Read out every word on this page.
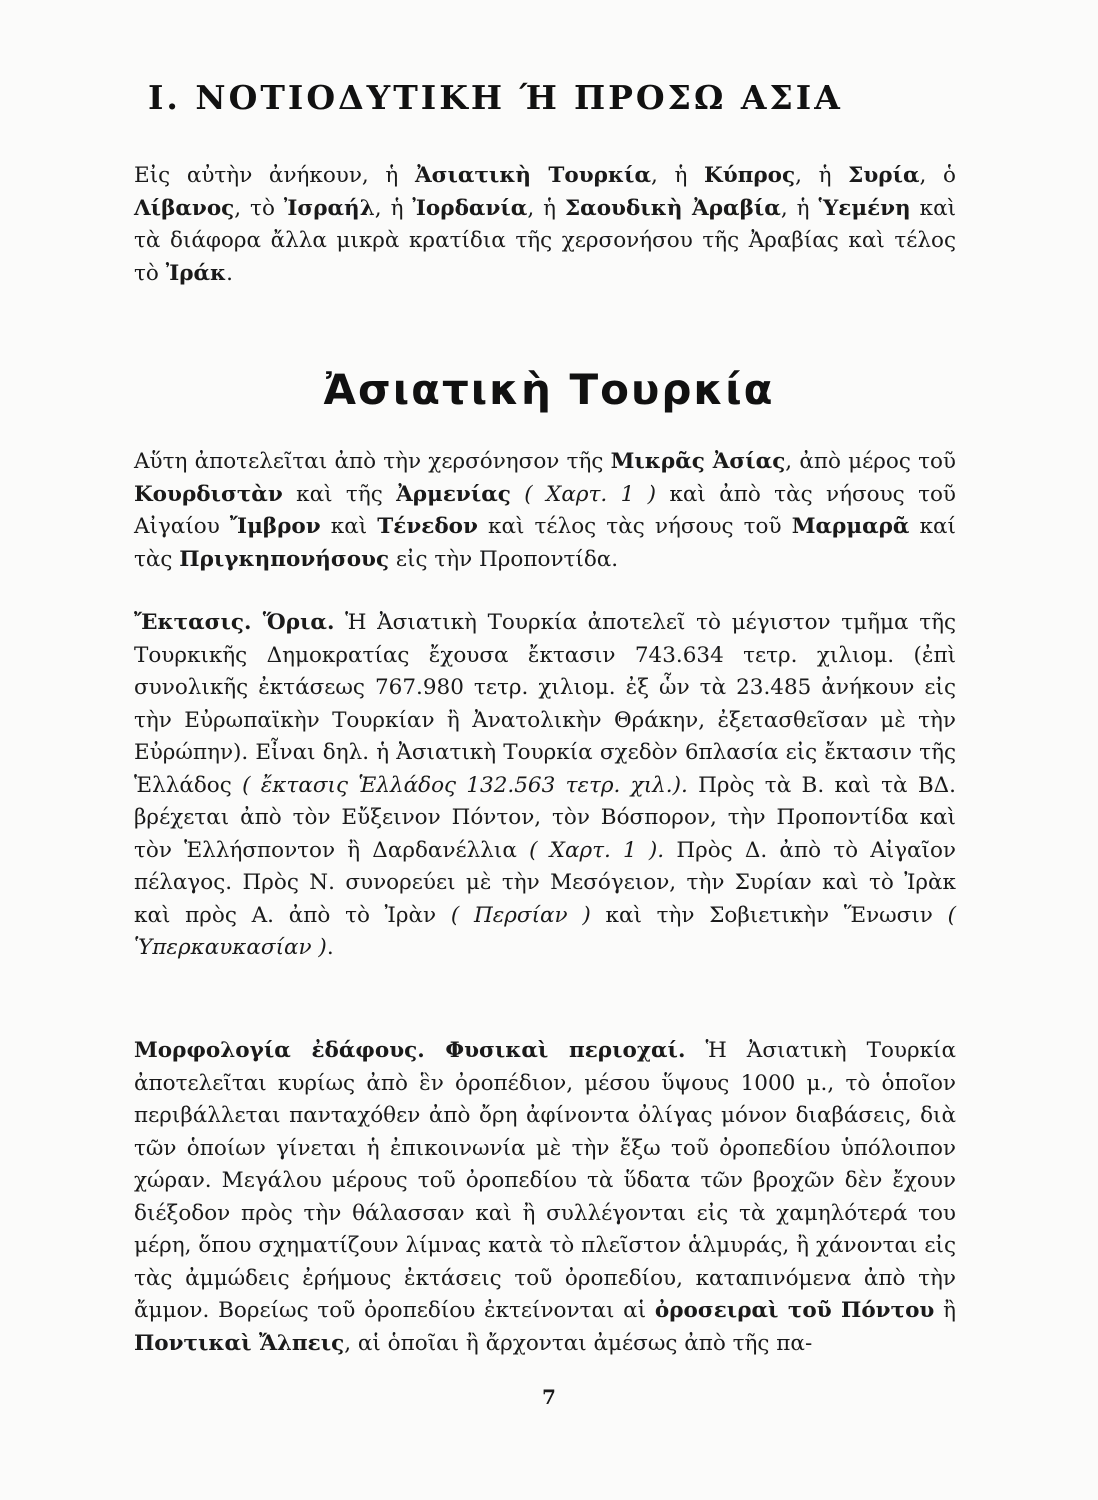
I. ΝΟΤΙΟΔΥΤΙΚΗ Ή ΠΡΟΣΩ ΑΣΙΑ

Εἰς αὐτὴν ἀνήκουν, ἡ Ἀσιατικὴ Τουρκία, ἡ Κύπρος, ἡ Συρία, ὁ Λίβανος, τὸ Ἰσραήλ, ἡ Ἰορδανία, ἡ Σαουδικὴ Ἀραβία, ἡ Ὑεμένη καὶ τὰ διάφορα ἄλλα μικρὰ κρατίδια τῆς χερσονήσου τῆς Ἀραβίας καὶ τέλος τὸ Ἰράκ.

Ἀσιατικὴ Τουρκία

Αὕτη ἀποτελεῖται ἀπὸ τὴν χερσόνησον τῆς Μικρᾶς Ἀσίας, ἀπὸ μέρος τοῦ Κουρδιστὰν καὶ τῆς Ἀρμενίας ( Χαρτ. 1 ) καὶ ἀπὸ τὰς νήσους τοῦ Αἰγαίου Ἴμβρον καὶ Τένεδον καὶ τέλος τὰς νήσους τοῦ Μαρμαρᾶ καί τὰς Πριγκηπονήσους εἰς τὴν Προποντίδα.

Ἔκτασις. Ὅρια. Ἡ Ἀσιατικὴ Τουρκία ἀποτελεῖ τὸ μέγιστον τμῆμα τῆς Τουρκικῆς Δημοκρατίας ἔχουσα ἔκτασιν 743.634 τετρ. χιλιομ. (ἐπὶ συνολικῆς ἐκτάσεως 767.980 τετρ. χιλιομ. ἐξ ὧν τὰ 23.485 ἀνήκουν εἰς τὴν Εὐρωπαϊκὴν Τουρκίαν ἢ Ἀνατολικὴν Θράκην, ἐξετασθεῖσαν μὲ τὴν Εὐρώπην). Εἶναι δηλ. ἡ Ἀσιατικὴ Τουρκία σχεδὸν 6πλασία εἰς ἔκτασιν τῆς Ἑλλάδος ( ἔκτασις Ἑλλάδος 132.563 τετρ. χιλ.). Πρὸς τὰ Β. καὶ τὰ ΒΔ. βρέχεται ἀπὸ τὸν Εὔξεινον Πόντον, τὸν Βόσπορον, τὴν Προποντίδα καὶ τὸν Ἑλλήσποντον ἢ Δαρδανέλλια ( Χαρτ. 1 ). Πρὸς Δ. ἀπὸ τὸ Αἰγαῖον πέλαγος. Πρὸς Ν. συνορεύει μὲ τὴν Μεσόγειον, τὴν Συρίαν καὶ τὸ Ἰρὰκ καὶ πρὸς Α. ἀπὸ τὸ Ἰρὰν ( Περσίαν ) καὶ τὴν Σοβιετικὴν Ἕνωσιν ( Ὑπερκαυκασίαν ).

Μορφολογία ἐδάφους. Φυσικαὶ περιοχαί. Ἡ Ἀσιατικὴ Τουρκία ἀποτελεῖται κυρίως ἀπὸ ἓν ὀροπέδιον, μέσου ὕψους 1000 μ., τὸ ὁποῖον περιβάλλεται πανταχόθεν ἀπὸ ὄρη ἀφίνοντα ὀλίγας μόνον διαβάσεις, διὰ τῶν ὁποίων γίνεται ἡ ἐπικοινωνία μὲ τὴν ἔξω τοῦ ὀροπεδίου ὑπόλοιπον χώραν. Μεγάλου μέρους τοῦ ὀροπεδίου τὰ ὕδατα τῶν βροχῶν δὲν ἔχουν διέξοδον πρὸς τὴν θάλασσαν καὶ ἢ συλλέγονται εἰς τὰ χαμηλότερά του μέρη, ὅπου σχηματίζουν λίμνας κατὰ τὸ πλεῖστον ἁλμυράς, ἢ χάνονται εἰς τὰς ἀμμώδεις ἐρήμους ἐκτάσεις τοῦ ὀροπεδίου, καταπινόμενα ἀπὸ τὴν ἄμμον. Βορείως τοῦ ὀροπεδίου ἐκτείνονται αἱ ὀροσειραὶ τοῦ Πόντου ἢ Ποντικαὶ Ἄλπεις, αἱ ὁποῖαι ἢ ἄρχονται ἀμέσως ἀπὸ τῆς πα-

7
